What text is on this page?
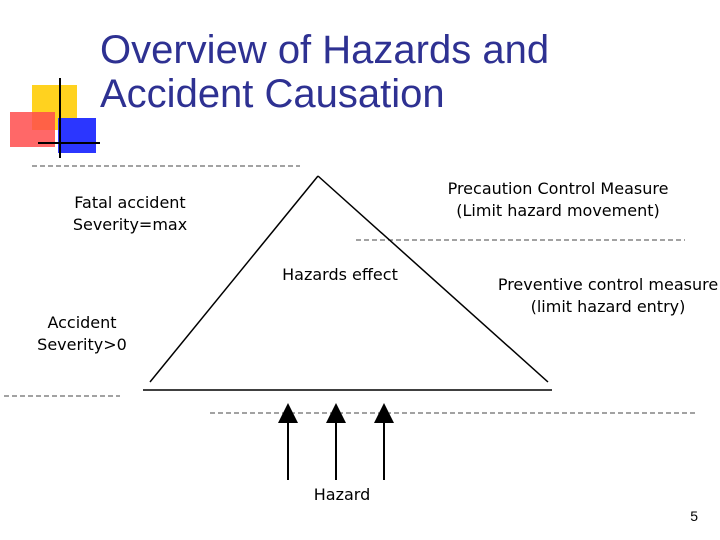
Overview of Hazards and
Accident Causation
Fatal accident
Severity=max
Precaution Control Measure
(Limit hazard movement)
Hazards effect
Preventive control measure
(limit hazard entry)
Accident
Severity>0
Hazard
5
